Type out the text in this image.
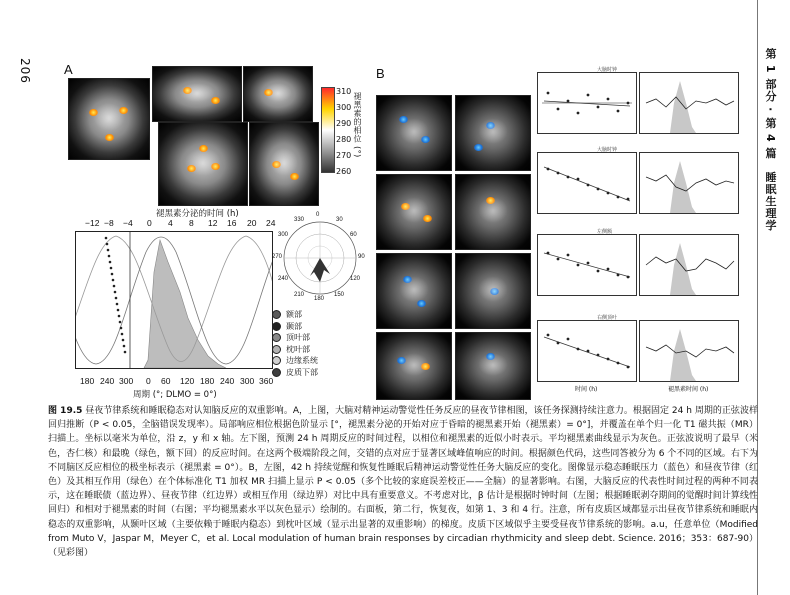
206	第 1 部分 · 第 4 篇　睡眠生理学
A
310
300
290
280
270
260
褪黑素的相位 (°)
褪黑素分泌的时间 (h)
−12 −8 −4 0 4 8 12 16 20 24
180 240 300 0 60 120 180 240 300 360
周期 (°; DLMO = 0°)
0
30
60
90
120
150
180
210
240
270
300
330
额部
颞部
顶叶部
枕叶部
边缘系统
皮质下部
B	大脑时钟
大脑时钟
左侧额
右侧顶叶
时间 (h)	褪黑素时间 (h)
图 19.5 昼夜节律系统和睡眠稳态对认知脑反应的双重影响。A，上图，大脑对精神运动警觉性任务反应的昼夜节律相图，该任务探测持续注意力。根据固定 24 h 周期的正弦波样回归推断（P < 0.05，全脑错误发现率）。局部响应相位根据色阶显示 [°，褪黑素分泌的开始对应于昏暗的褪黑素开始（褪黑素）= 0°]，并覆盖在单个归一化 T1 磁共振（MR）扫描上。坐标以毫米为单位，沿 z，y 和 x 轴。左下图，预测 24 h 周期反应的时间过程，以相位和褪黑素的近似小时表示。平均褪黑素曲线显示为灰色。正弦波说明了最早（米色，杏仁核）和最晚（绿色，额下回）的反应时间。在这两个极端阶段之间，交错的点对应于显著区域峰值响应的时间。根据颜色代码，这些同答被分为 6 个不同的区域。右下为不同脑区反应相位的极坐标表示（褪黑素 = 0°）。B，左图，42 h 持续觉醒和恢复性睡眠后精神运动警觉性任务大脑反应的变化。图像显示稳态睡眠压力（蓝色）和昼夜节律（红色）及其相互作用（绿色）在个体标准化 T1 加权 MR 扫描上显示 P < 0.05（多个比较的家庭误差校正——全脑）的显著影响。右图，大脑反应的代表性时间过程的两种不同表示，这在睡眠债（蓝边界）、昼夜节律（红边界）或相互作用（绿边界）对比中具有重要意义。不考虑对比，β 估计是根据时钟时间（左图；根据睡眠剥夺期间的觉醒时间计算线性回归）和相对于褪黑素的时间（右图；平均褪黑素水平以灰色显示）绘制的。右面板，第二行，恢复夜，如第 1、3 和 4 行。注意，所有皮质区域都显示出昼夜节律系统和睡眠内稳态的双重影响，从颞叶区域（主要依赖于睡眠内稳态）到枕叶区域（显示出显著的双重影响）的梯度。皮质下区域似乎主要受昼夜节律系统的影响。a.u，任意单位（Modified from Muto V，Jaspar M，Meyer C，et al. Local modulation of human brain responses by circadian rhythmicity and sleep debt. Science. 2016；353：687-90）（见彩图）
